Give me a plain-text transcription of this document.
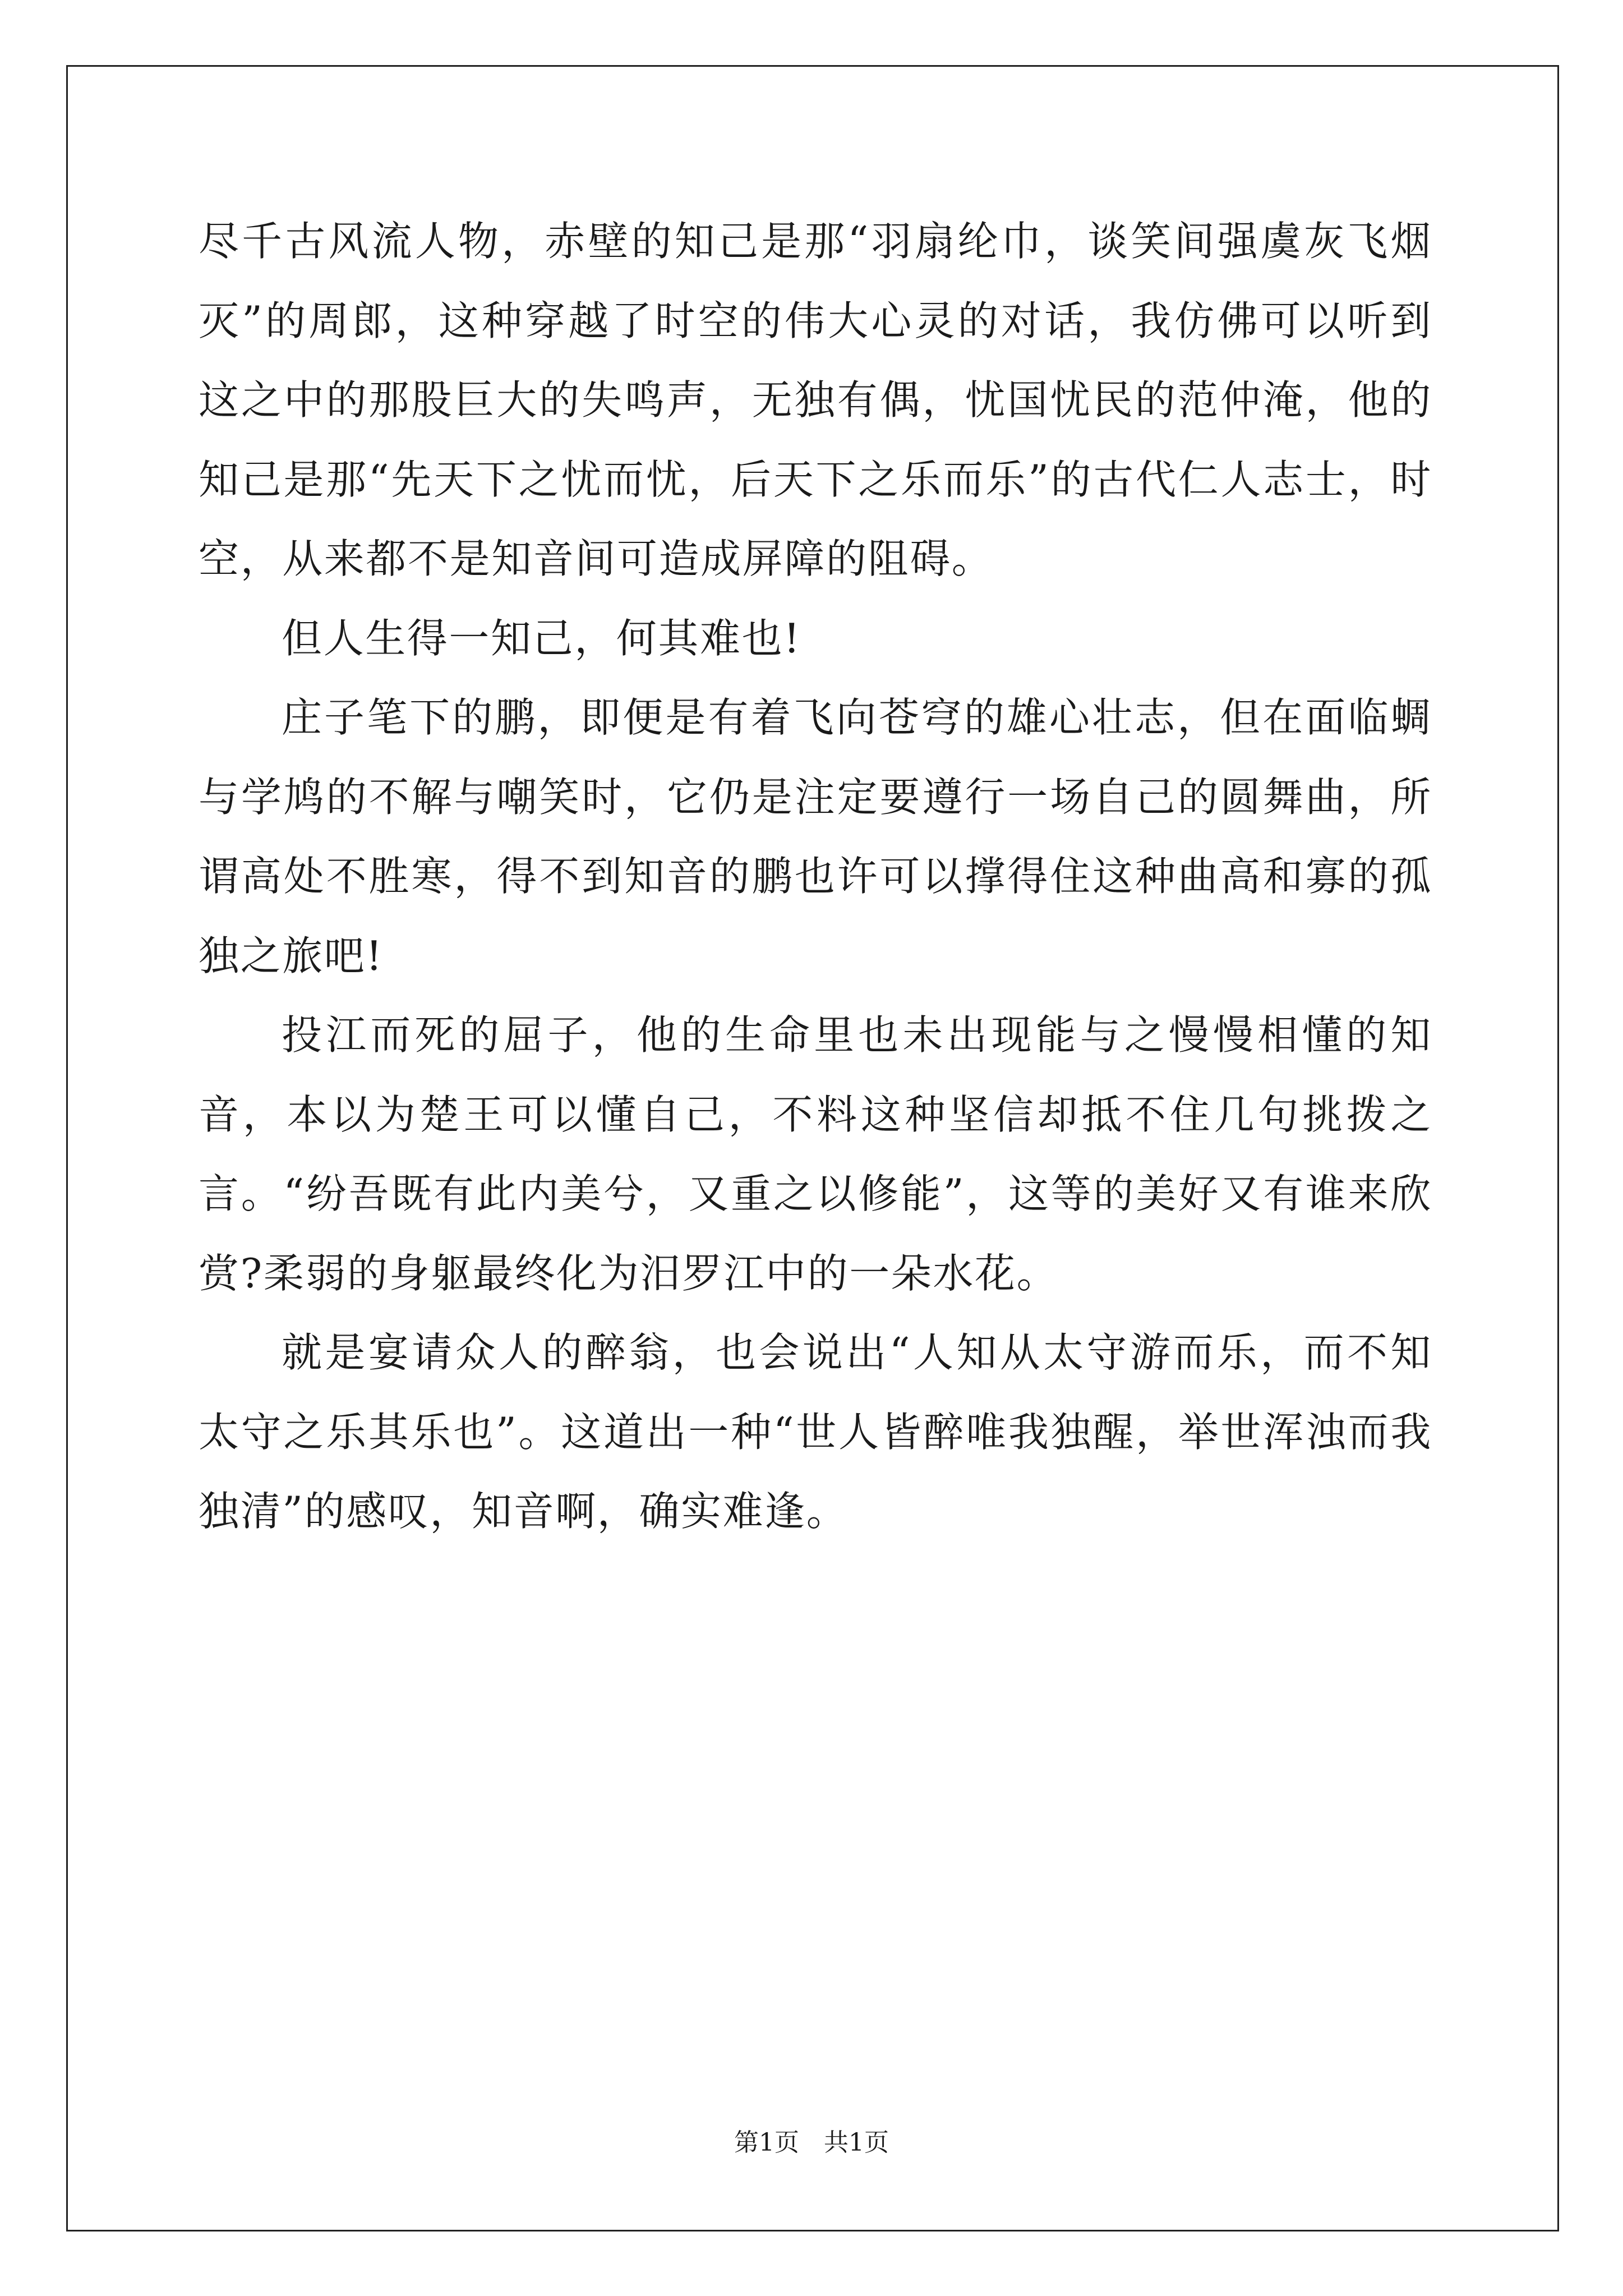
尽千古风流人物，赤壁的知己是那“羽扇纶巾，谈笑间强虞灰飞烟灭”的周郎，这种穿越了时空的伟大心灵的对话，我仿佛可以听到这之中的那股巨大的失鸣声，无独有偶，忧国忧民的范仲淹，他的知己是那“先天下之忧而忧，后天下之乐而乐”的古代仁人志士，时空，从来都不是知音间可造成屏障的阻碍。

但人生得一知己，何其难也!

庄子笔下的鹏，即便是有着飞向苍穹的雄心壮志，但在面临蜩与学鸠的不解与嘲笑时，它仍是注定要遵行一场自己的圆舞曲，所谓高处不胜寒，得不到知音的鹏也许可以撑得住这种曲高和寡的孤独之旅吧!

投江而死的屈子，他的生命里也未出现能与之慢慢相懂的知音，本以为楚王可以懂自己，不料这种坚信却抵不住几句挑拨之言。“纷吾既有此内美兮，又重之以修能”，这等的美好又有谁来欣赏?柔弱的身躯最终化为汨罗江中的一朵水花。

就是宴请众人的醉翁，也会说出“人知从太守游而乐，而不知太守之乐其乐也”。这道出一种“世人皆醉唯我独醒，举世浑浊而我独清”的感叹，知音啊，确实难逢。

第1页　共1页
